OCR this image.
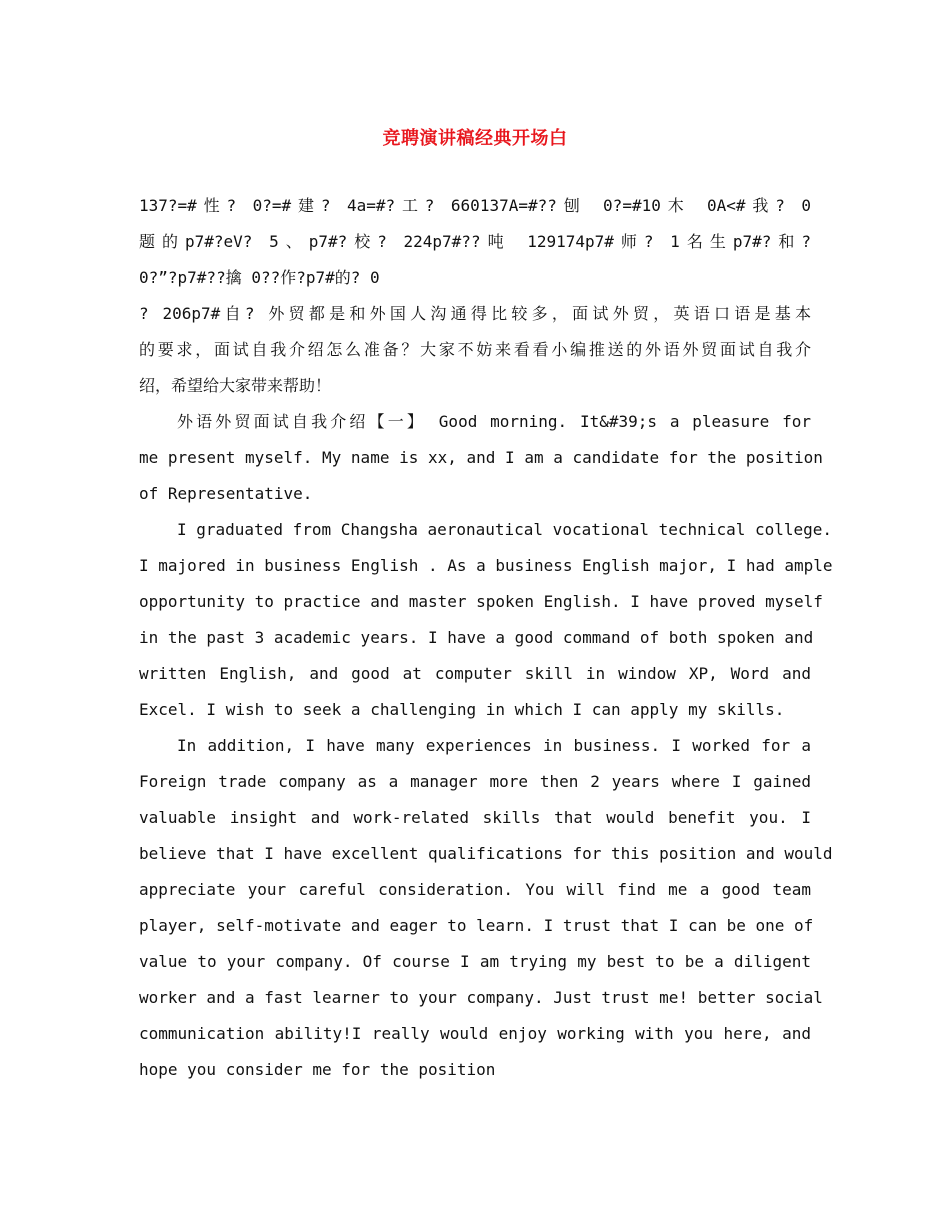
竞聘演讲稿经典开场白
137?=#性? 0?=#建? 4a=#?工? 660137A=#??刨 0?=#10木 0A<#我? 0
题的p7#?eV? 5、p7#?校? 224p7#??吨 129174p7#师? 1名生p7#?和?
0?”?p7#??擒 0??作?p7#的? 0
? 206p7#自? 外贸都是和外国人沟通得比较多，面试外贸，英语口语是基本
的要求，面试自我介绍怎么准备？大家不妨来看看小编推送的外语外贸面试自我介
绍，希望给大家带来帮助！
外语外贸面试自我介绍【一】 Good morning. It&#39;s a pleasure for
me present myself. My name is xx, and I am a candidate for the position
of Representative.
I graduated from Changsha aeronautical vocational technical college.
I majored in business English . As a business English major, I had ample
opportunity to practice and master spoken English. I have proved myself
in the past 3 academic years. I have a good command of both spoken and
written English, and good at computer skill in window XP, Word and
Excel. I wish to seek a challenging in which I can apply my skills.
In addition, I have many experiences in business. I worked for a
Foreign trade company as a manager more then 2 years where I gained
valuable insight and work-related skills that would benefit you. I
believe that I have excellent qualifications for this position and would
appreciate your careful consideration. You will find me a good team
player, self-motivate and eager to learn. I trust that I can be one of
value to your company. Of course I am trying my best to be a diligent
worker and a fast learner to your company. Just trust me! better social
communication ability!I really would enjoy working with you here, and
hope you consider me for the position
